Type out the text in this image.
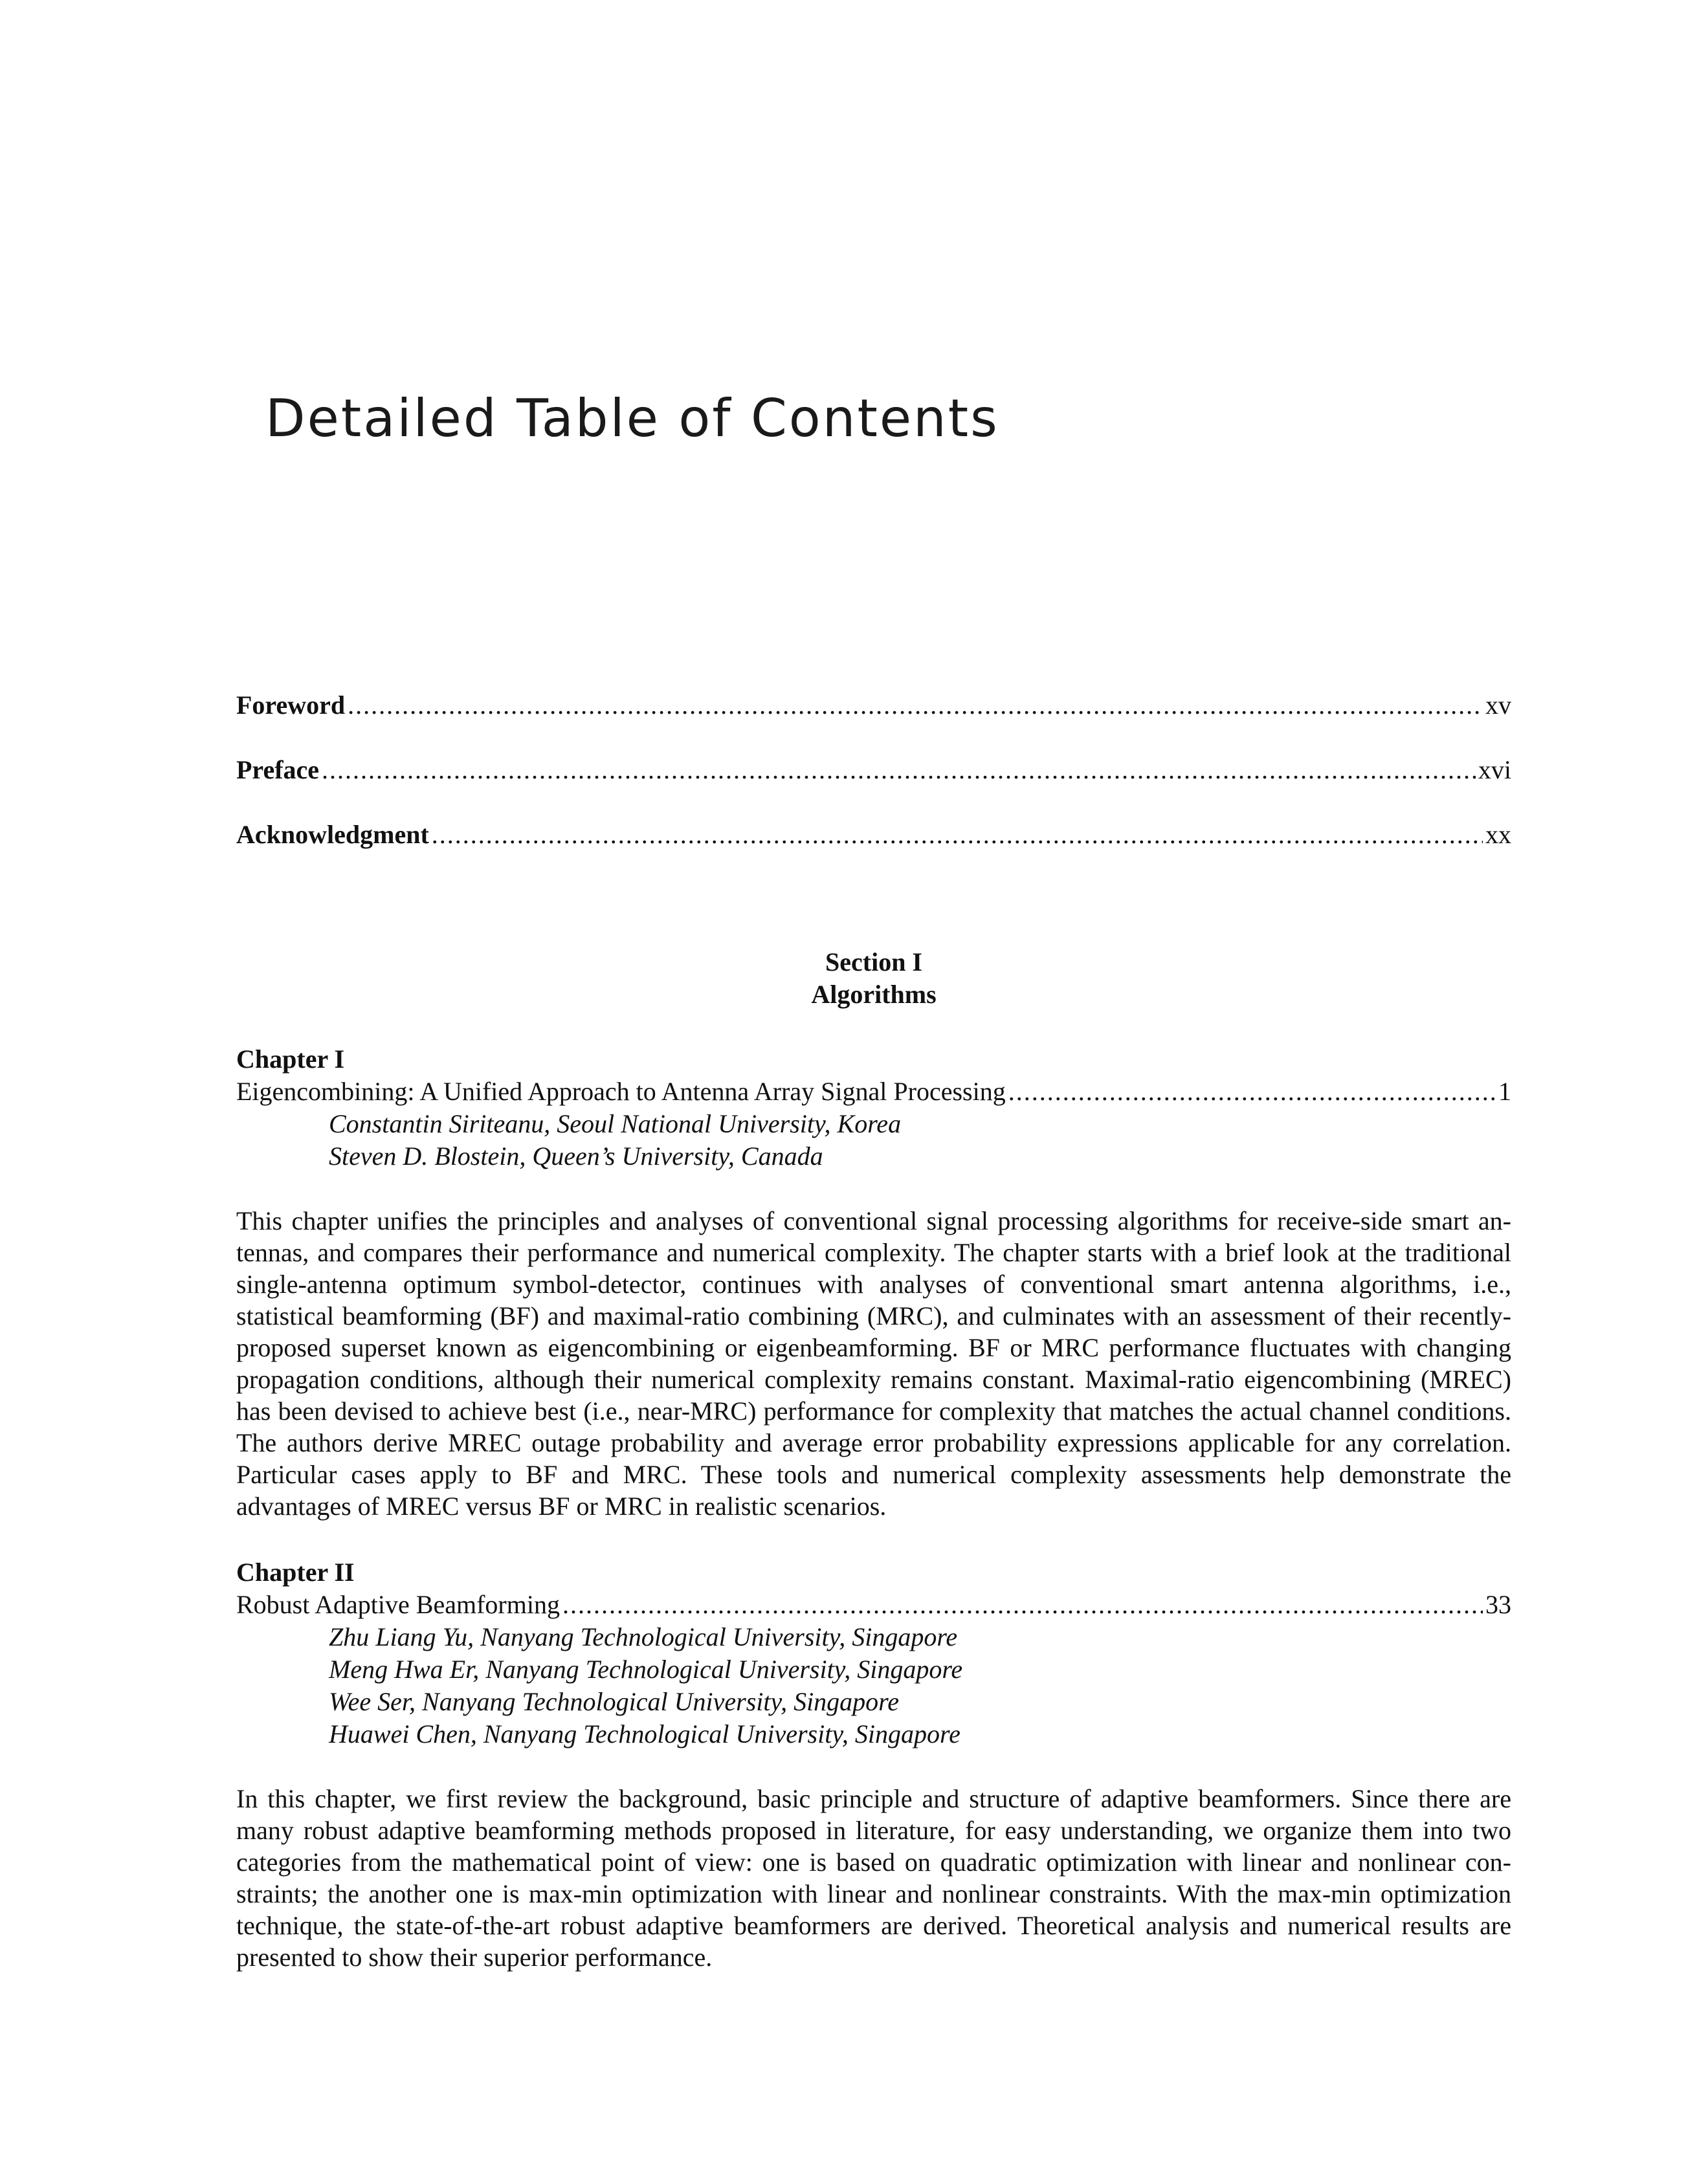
Detailed Table of Contents
Foreword .....	xv
Preface .....	xvi
Acknowledgment .....	xx
Section I
Algorithms
Chapter I
Eigencombining: A Unified Approach to Antenna Array Signal Processing .....	1
Constantin Siriteanu, Seoul National University, Korea
Steven D. Blostein, Queen’s University, Canada
This chapter unifies the principles and analyses of conventional signal processing algorithms for receive-side smart antennas, and compares their performance and numerical complexity. The chapter starts with a brief look at the traditional single-antenna optimum symbol-detector, continues with analyses of conventional smart antenna algorithms, i.e., statistical beamforming (BF) and maximal-ratio combining (MRC), and culminates with an assessment of their recently-proposed superset known as eigencombining or eigenbeamforming. BF or MRC performance fluctuates with changing propagation conditions, although their numerical complexity remains constant. Maximal-ratio eigencombining (MREC) has been devised to achieve best (i.e., near-MRC) performance for complexity that matches the actual channel conditions. The authors derive MREC outage probability and average error probability expressions applicable for any correlation. Particular cases apply to BF and MRC. These tools and numerical complexity assessments help demonstrate the advantages of MREC versus BF or MRC in realistic scenarios.
Chapter II
Robust Adaptive Beamforming .....	33
Zhu Liang Yu, Nanyang Technological University, Singapore
Meng Hwa Er, Nanyang Technological University, Singapore
Wee Ser, Nanyang Technological University, Singapore
Huawei Chen, Nanyang Technological University, Singapore
In this chapter, we first review the background, basic principle and structure of adaptive beamformers. Since there are many robust adaptive beamforming methods proposed in literature, for easy understanding, we organize them into two categories from the mathematical point of view: one is based on quadratic optimization with linear and nonlinear constraints; the another one is max-min optimization with linear and nonlinear constraints. With the max-min optimization technique, the state-of-the-art robust adaptive beamformers are derived. Theoretical analysis and numerical results are presented to show their superior performance.
